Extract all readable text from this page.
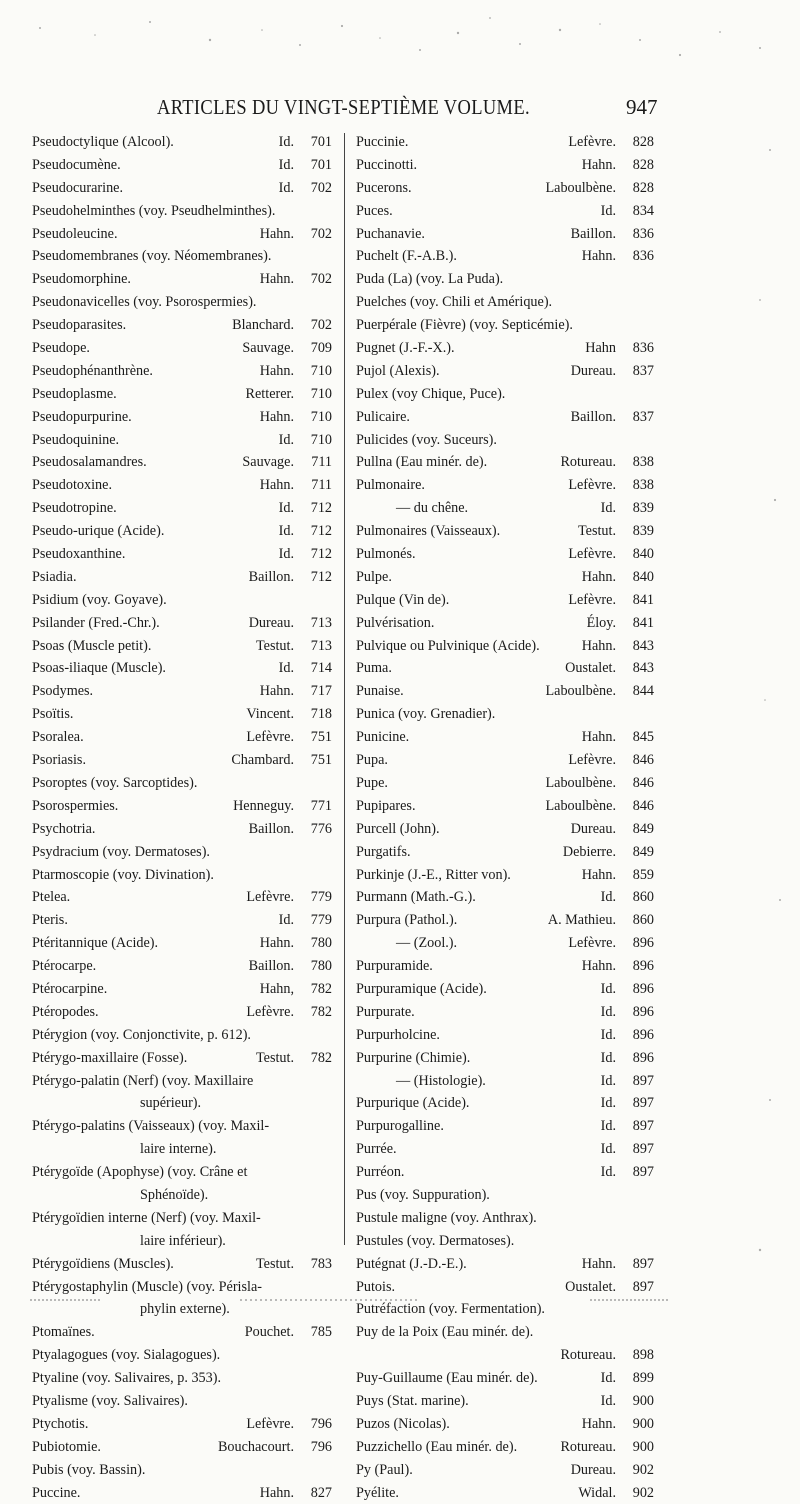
ARTICLES DU VINGT-SEPTIÈME VOLUME.	947
Pseudoctylique (Alcool).	Id. 701
Pseudocumène.	Id. 701
Pseudocurarine.	Id. 702
Pseudohelminthes (voy. Pseudhelminthes).
Pseudoleucine.	Hahn. 702
Pseudomembranes (voy. Néomembranes).
Pseudomorphine.	Hahn. 702
Pseudonavicelles (voy. Psorospermies).
Pseudoparasites.	Blanchard. 702
Pseudope.	Sauvage. 709
Pseudophénanthrène.	Hahn. 710
Pseudoplasme.	Retterer. 710
Pseudopurpurine.	Hahn. 710
Pseudoquinine.	Id. 710
Pseudosalamandres.	Sauvage. 711
Pseudotoxine.	Hahn. 711
Pseudotropine.	Id. 712
Pseudo-urique (Acide).	Id. 712
Pseudoxanthine.	Id. 712
Psiadia.	Baillon. 712
Psidium (voy. Goyave).
Psilander (Fred.-Chr.).	Dureau. 713
Psoas (Muscle petit).	Testut. 713
Psoas-iliaque (Muscle).	Id. 714
Psodymes.	Hahn. 717
Psoïtis.	Vincent. 718
Psoralea.	Lefèvre. 751
Psoriasis.	Chambard. 751
Psoroptes (voy. Sarcoptides).
Psorospermies.	Henneguy. 771
Psychotria.	Baillon. 776
Psydracium (voy. Dermatoses).
Ptarmoscopie (voy. Divination).
Ptelea.	Lefèvre. 779
Pteris.	Id. 779
Ptéritannique (Acide).	Hahn. 780
Ptérocarpe.	Baillon. 780
Ptérocarpine.	Hahn, 782
Ptéropodes.	Lefèvre. 782
Ptérygion (voy. Conjonctivite, p. 612).
Ptérygo-maxillaire (Fosse).	Testut. 782
Ptérygo-palatin (Nerf) (voy. Maxillaire
supérieur).
Ptérygo-palatins (Vaisseaux) (voy. Maxil-
laire interne).
Ptérygoïde (Apophyse) (voy. Crâne et
Sphénoïde).
Ptérygoïdien interne (Nerf) (voy. Maxil-
laire inférieur).
Ptérygoïdiens (Muscles).	Testut. 783
Ptérygostaphylin (Muscle) (voy. Périsla-
phylin externe).
Ptomaïnes.	Pouchet. 785
Ptyalagogues (voy. Sialagogues).
Ptyaline (voy. Salivaires, p. 353).
Ptyalisme (voy. Salivaires).
Ptychotis.	Lefèvre. 796
Pubiotomie.	Bouchacourt. 796
Pubis (voy. Bassin).
Puccine.	Hahn. 827
Puccinie.	Lefèvre. 828
Puccinotti.	Hahn. 828
Pucerons.	Laboulbène. 828
Puces.	Id. 834
Puchanavie.	Baillon. 836
Puchelt (F.-A.B.).	Hahn. 836
Puda (La) (voy. La Puda).
Puelches (voy. Chili et Amérique).
Puerpérale (Fièvre) (voy. Septicémie).
Pugnet (J.-F.-X.).	Hahn 836
Pujol (Alexis).	Dureau. 837
Pulex (voy Chique, Puce).
Pulicaire.	Baillon. 837
Pulicides (voy. Suceurs).
Pullna (Eau minér. de).	Rotureau. 838
Pulmonaire.	Lefèvre. 838
— du chêne.	Id. 839
Pulmonaires (Vaisseaux).	Testut. 839
Pulmonés.	Lefèvre. 840
Pulpe.	Hahn. 840
Pulque (Vin de).	Lefèvre. 841
Pulvérisation.	Éloy. 841
Pulvique ou Pulvinique (Acide).	Hahn. 843
Puma.	Oustalet. 843
Punaise.	Laboulbène. 844
Punica (voy. Grenadier).
Punicine.	Hahn. 845
Pupa.	Lefèvre. 846
Pupe.	Laboulbène. 846
Pupipares.	Laboulbène. 846
Purcell (John).	Dureau. 849
Purgatifs.	Debierre. 849
Purkinje (J.-E., Ritter von).	Hahn. 859
Purmann (Math.-G.).	Id. 860
Purpura (Pathol.).	A. Mathieu. 860
— (Zool.).	Lefèvre. 896
Purpuramide.	Hahn. 896
Purpuramique (Acide).	Id. 896
Purpurate.	Id. 896
Purpurholcine.	Id. 896
Purpurine (Chimie).	Id. 896
— (Histologie).	Id. 897
Purpurique (Acide).	Id. 897
Purpurogalline.	Id. 897
Purrée.	Id. 897
Purréon.	Id. 897
Pus (voy. Suppuration).
Pustule maligne (voy. Anthrax).
Pustules (voy. Dermatoses).
Putégnat (J.-D.-E.).	Hahn. 897
Putois.	Oustalet. 897
Putréfaction (voy. Fermentation).
Puy de la Poix (Eau minér. de).
Rotureau. 898
Puy-Guillaume (Eau minér. de).	Id. 899
Puys (Stat. marine).	Id. 900
Puzos (Nicolas).	Hahn. 900
Puzzichello (Eau minér. de).	Rotureau. 900
Py (Paul).	Dureau. 902
Pyélite.	Widal. 902
